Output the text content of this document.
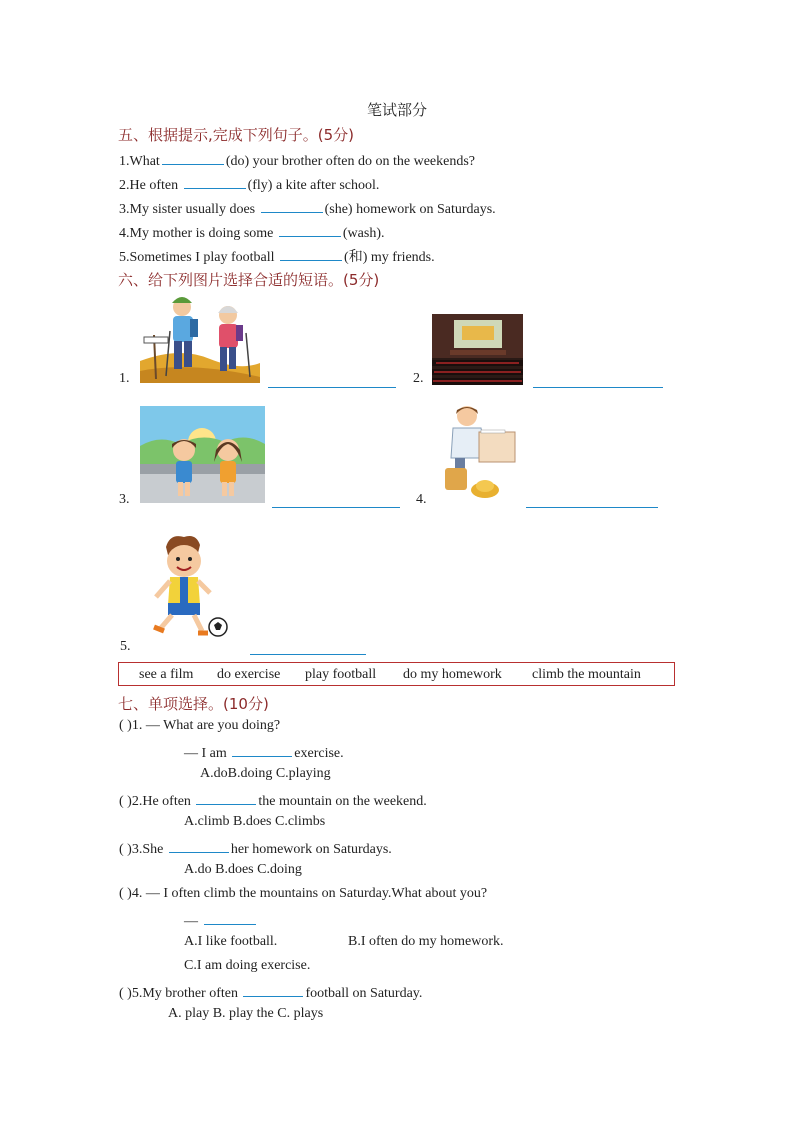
笔试部分
五、根据提示,完成下列句子。(5分)
1.What	(do) your brother often do on the weekends?
2.He often	(fly) a kite after school.
3.My sister usually does	(she) homework on Saturdays.
4.My mother is doing some	(wash).
5.Sometimes I play football	(和) my friends.
六、给下列图片选择合适的短语。(5分)
1.	2.
3.	4.
5.
see a film do exercise play football do my homework climb the mountain
七、单项选择。(10分)
( )1. — What are you doing?
— I am	exercise.
A.doB.doing C.playing
( )2.He often	the mountain on the weekend.
A.climb B.does C.climbs
( )3.She	her homework on Saturdays.
A.do B.does C.doing
( )4. — I often climb the mountains on Saturday.What about you?
—
A.I like football.	B.I often do my homework.
C.I am doing exercise.
( )5.My brother often	football on Saturday.
A. play B. play the C. plays
